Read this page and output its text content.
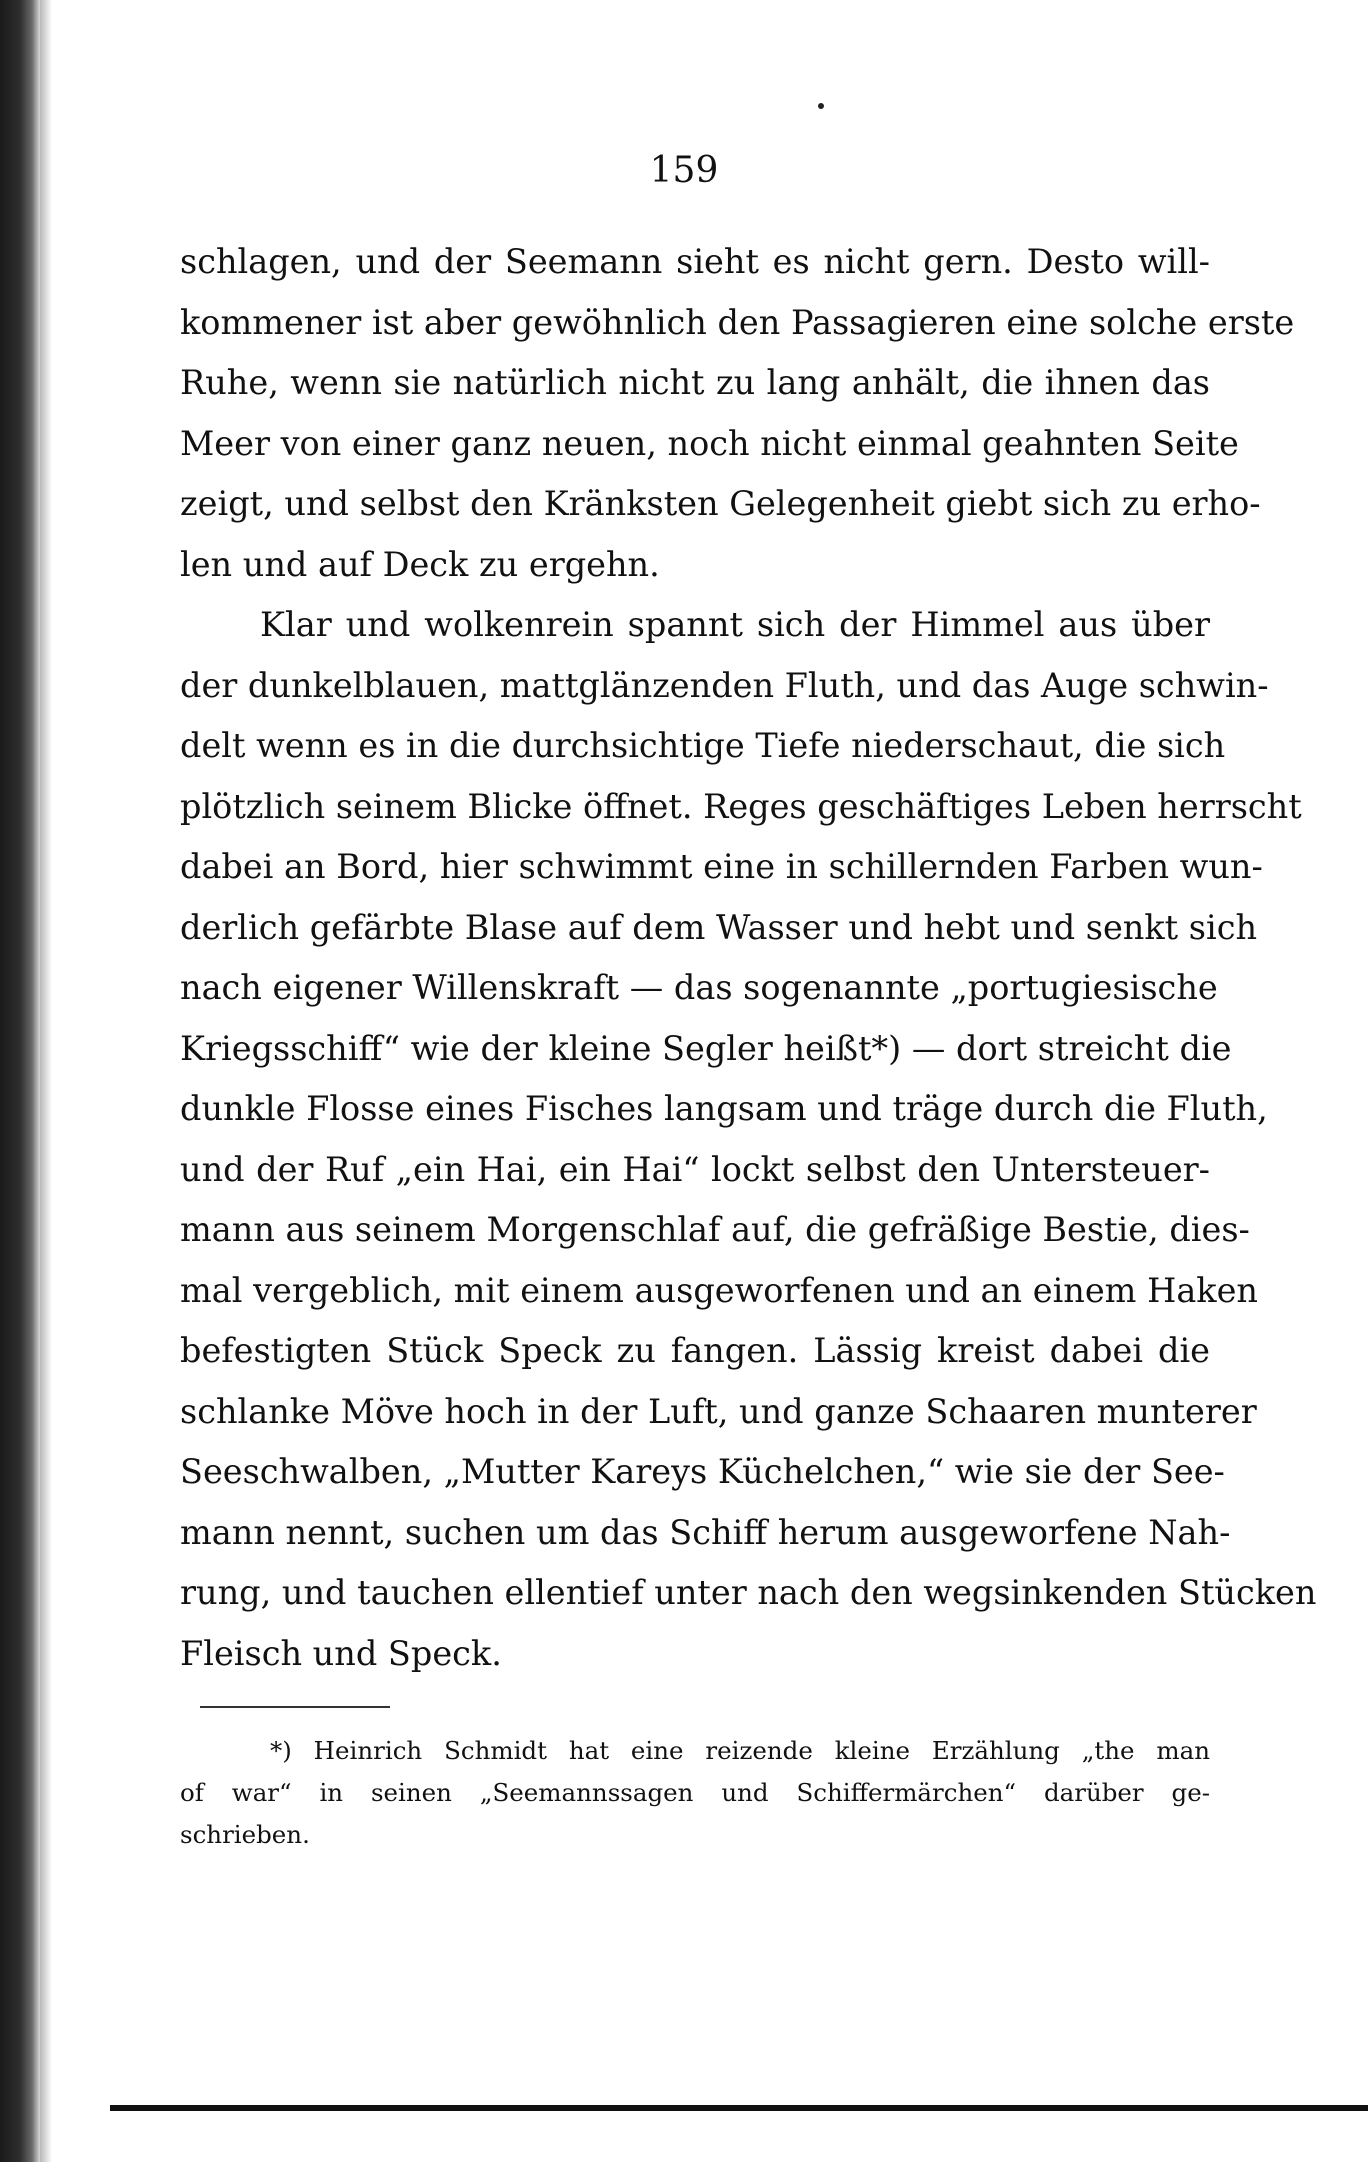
159
schlagen, und der Seemann sieht es nicht gern. Desto will-
kommener ist aber gewöhnlich den Passagieren eine solche erste
Ruhe, wenn sie natürlich nicht zu lang anhält, die ihnen das
Meer von einer ganz neuen, noch nicht einmal geahnten Seite
zeigt, und selbst den Kränksten Gelegenheit giebt sich zu erho-
len und auf Deck zu ergehn.
Klar und wolkenrein spannt sich der Himmel aus über
der dunkelblauen, mattglänzenden Fluth, und das Auge schwin-
delt wenn es in die durchsichtige Tiefe niederschaut, die sich
plötzlich seinem Blicke öffnet. Reges geschäftiges Leben herrscht
dabei an Bord, hier schwimmt eine in schillernden Farben wun-
derlich gefärbte Blase auf dem Wasser und hebt und senkt sich
nach eigener Willenskraft — das sogenannte „portugiesische
Kriegsschiff“ wie der kleine Segler heißt*) — dort streicht die
dunkle Flosse eines Fisches langsam und träge durch die Fluth,
und der Ruf „ein Hai, ein Hai“ lockt selbst den Untersteuer-
mann aus seinem Morgenschlaf auf, die gefräßige Bestie, dies-
mal vergeblich, mit einem ausgeworfenen und an einem Haken
befestigten Stück Speck zu fangen. Lässig kreist dabei die
schlanke Möve hoch in der Luft, und ganze Schaaren munterer
Seeschwalben, „Mutter Kareys Küchelchen,“ wie sie der See-
mann nennt, suchen um das Schiff herum ausgeworfene Nah-
rung, und tauchen ellentief unter nach den wegsinkenden Stücken
Fleisch und Speck.
*) Heinrich Schmidt hat eine reizende kleine Erzählung „the man
of war“ in seinen „Seemannssagen und Schiffermärchen“ darüber ge-
schrieben.
